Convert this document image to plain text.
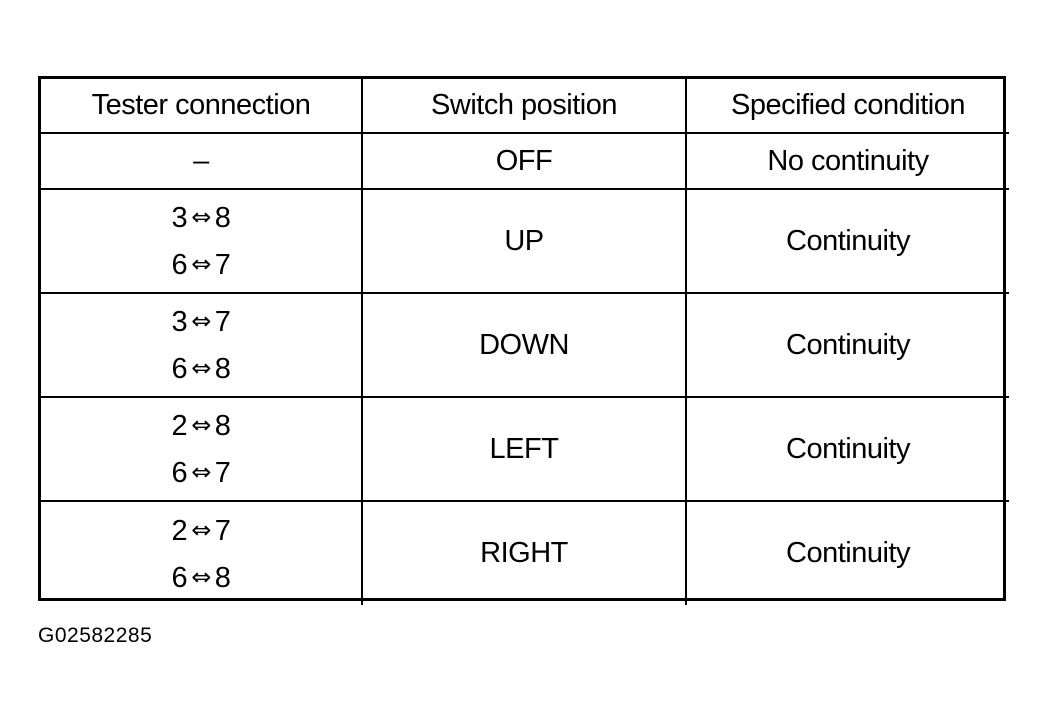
Tester connection	Switch position	Specified condition
–	OFF	No continuity

3 ⇔ 8
6 ⇔ 7	UP	Continuity

3 ⇔ 7
6 ⇔ 8	DOWN	Continuity

2 ⇔ 8
6 ⇔ 7	LEFT	Continuity

2 ⇔ 7
6 ⇔ 8	RIGHT	Continuity
G02582285
